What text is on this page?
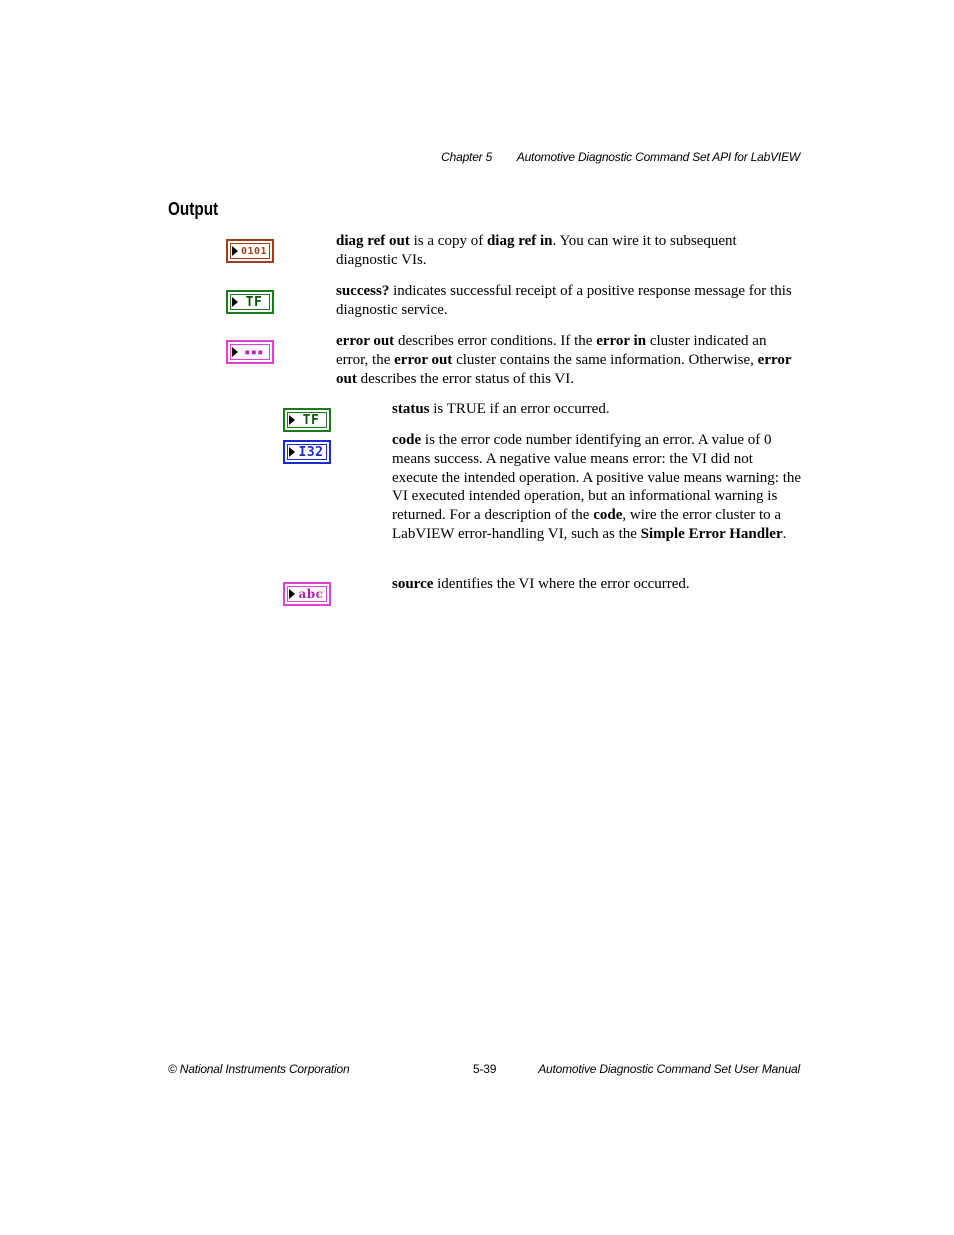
Chapter 5 Automotive Diagnostic Command Set API for LabVIEW
Output
0101
diag ref out is a copy of diag ref in. You can wire it to subsequent diagnostic VIs.
TF
success? indicates successful receipt of a positive response message for this diagnostic service.
▪▪▪
error out describes error conditions. If the error in cluster indicated an error, the error out cluster contains the same information. Otherwise, error out describes the error status of this VI.
TF
status is TRUE if an error occurred.
I32
code is the error code number identifying an error. A value of 0 means success. A negative value means error: the VI did not execute the intended operation. A positive value means warning: the VI executed intended operation, but an informational warning is returned. For a description of the code, wire the error cluster to a LabVIEW error-handling VI, such as the Simple Error Handler.
abc
source identifies the VI where the error occurred.
© National Instruments Corporation	5-39	Automotive Diagnostic Command Set User Manual
